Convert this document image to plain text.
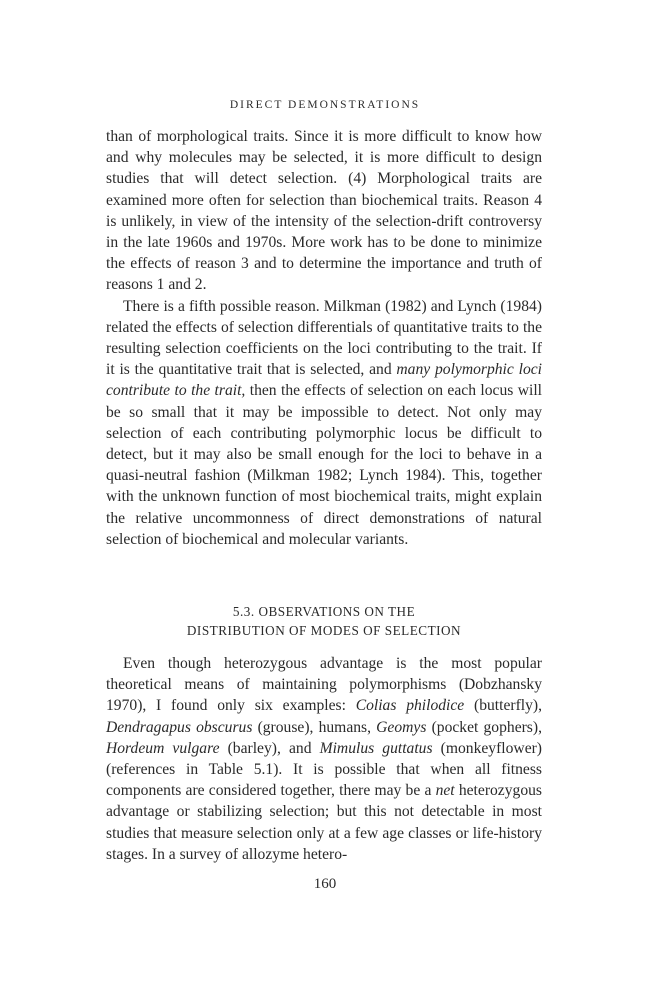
DIRECT DEMONSTRATIONS

than of morphological traits. Since it is more difficult to know how and why molecules may be selected, it is more difficult to design studies that will detect selection. (4) Morphological traits are examined more often for selection than biochemical traits. Reason 4 is unlikely, in view of the intensity of the selection-drift controversy in the late 1960s and 1970s. More work has to be done to minimize the effects of reason 3 and to determine the importance and truth of reasons 1 and 2.

There is a fifth possible reason. Milkman (1982) and Lynch (1984) related the effects of selection differentials of quantitative traits to the resulting selection coefficients on the loci contributing to the trait. If it is the quantitative trait that is selected, and many polymorphic loci contribute to the trait, then the effects of selection on each locus will be so small that it may be impossible to detect. Not only may selection of each contributing polymorphic locus be difficult to detect, but it may also be small enough for the loci to behave in a quasi-neutral fashion (Milkman 1982; Lynch 1984). This, together with the unknown function of most biochemical traits, might explain the relative uncommonness of direct demonstrations of natural selection of biochemical and molecular variants.

5.3. OBSERVATIONS ON THE
DISTRIBUTION OF MODES OF SELECTION

Even though heterozygous advantage is the most popular theoretical means of maintaining polymorphisms (Dobzhansky 1970), I found only six examples: Colias philodice (butterfly), Dendragapus obscurus (grouse), humans, Geomys (pocket gophers), Hordeum vulgare (barley), and Mimulus guttatus (monkeyflower) (references in Table 5.1). It is possible that when all fitness components are considered together, there may be a net heterozygous advantage or stabilizing selection; but this not detectable in most studies that measure selection only at a few age classes or life-history stages. In a survey of allozyme hetero-

160
